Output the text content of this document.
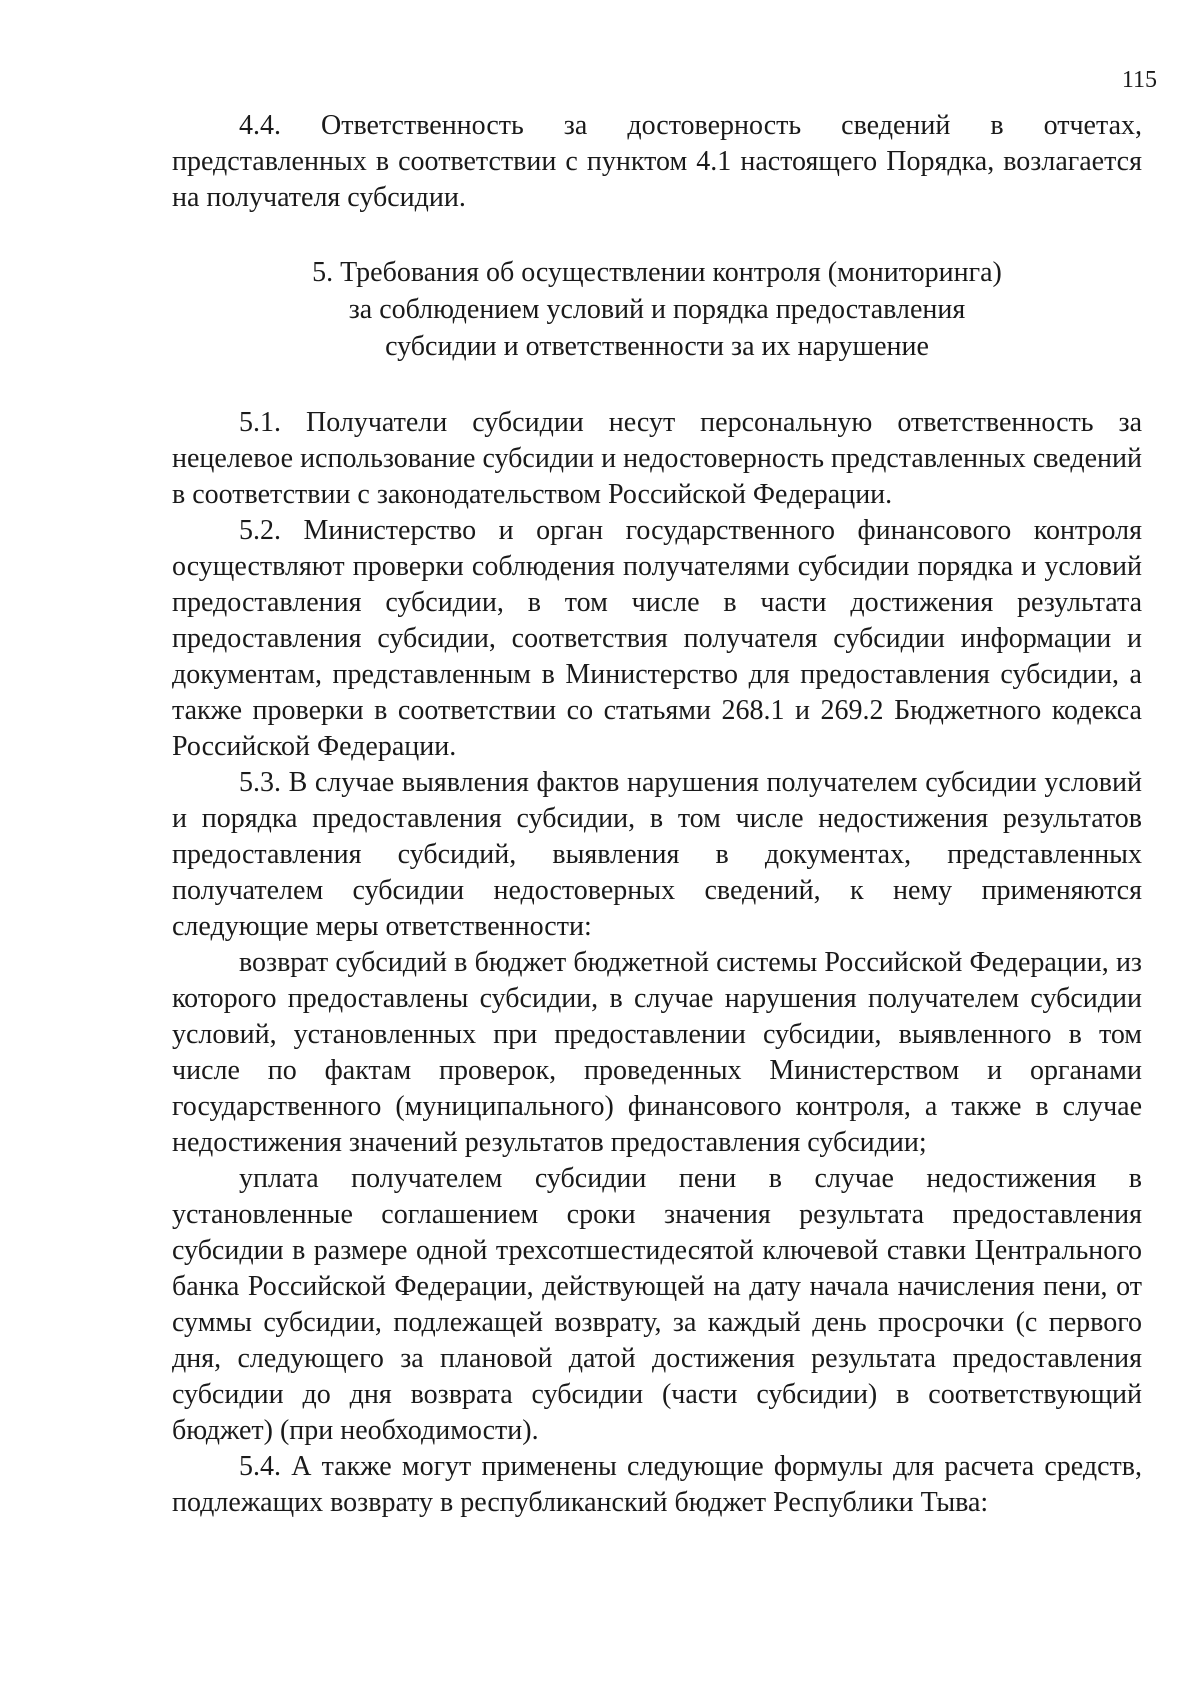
115

4.4. Ответственность за достоверность сведений в отчетах, представленных в соответствии с пунктом 4.1 настоящего Порядка, возлагается на получателя субсидии.

5. Требования об осуществлении контроля (мониторинга)
за соблюдением условий и порядка предоставления
субсидии и ответственности за их нарушение

5.1. Получатели субсидии несут персональную ответственность за нецелевое использование субсидии и недостоверность представленных сведений в соответствии с законодательством Российской Федерации.

5.2. Министерство и орган государственного финансового контроля осуществляют проверки соблюдения получателями субсидии порядка и условий предоставления субсидии, в том числе в части достижения результата предоставления субсидии, соответствия получателя субсидии информации и документам, представленным в Министерство для предоставления субсидии, а также проверки в соответствии со статьями 268.1 и 269.2 Бюджетного кодекса Российской Федерации.

5.3. В случае выявления фактов нарушения получателем субсидии условий и порядка предоставления субсидии, в том числе недостижения результатов предоставления субсидий, выявления в документах, представленных получателем субсидии недостоверных сведений, к нему применяются следующие меры ответственности:

возврат субсидий в бюджет бюджетной системы Российской Федерации, из которого предоставлены субсидии, в случае нарушения получателем субсидии условий, установленных при предоставлении субсидии, выявленного в том числе по фактам проверок, проведенных Министерством и органами государственного (муниципального) финансового контроля, а также в случае недостижения значений результатов предоставления субсидии;

уплата получателем субсидии пени в случае недостижения в установленные соглашением сроки значения результата предоставления субсидии в размере одной трехсотшестидесятой ключевой ставки Центрального банка Российской Федерации, действующей на дату начала начисления пени, от суммы субсидии, подлежащей возврату, за каждый день просрочки (с первого дня, следующего за плановой датой достижения результата предоставления субсидии до дня возврата субсидии (части субсидии) в соответствующий бюджет) (при необходимости).

5.4. А также могут применены следующие формулы для расчета средств, подлежащих возврату в республиканский бюджет Республики Тыва:
